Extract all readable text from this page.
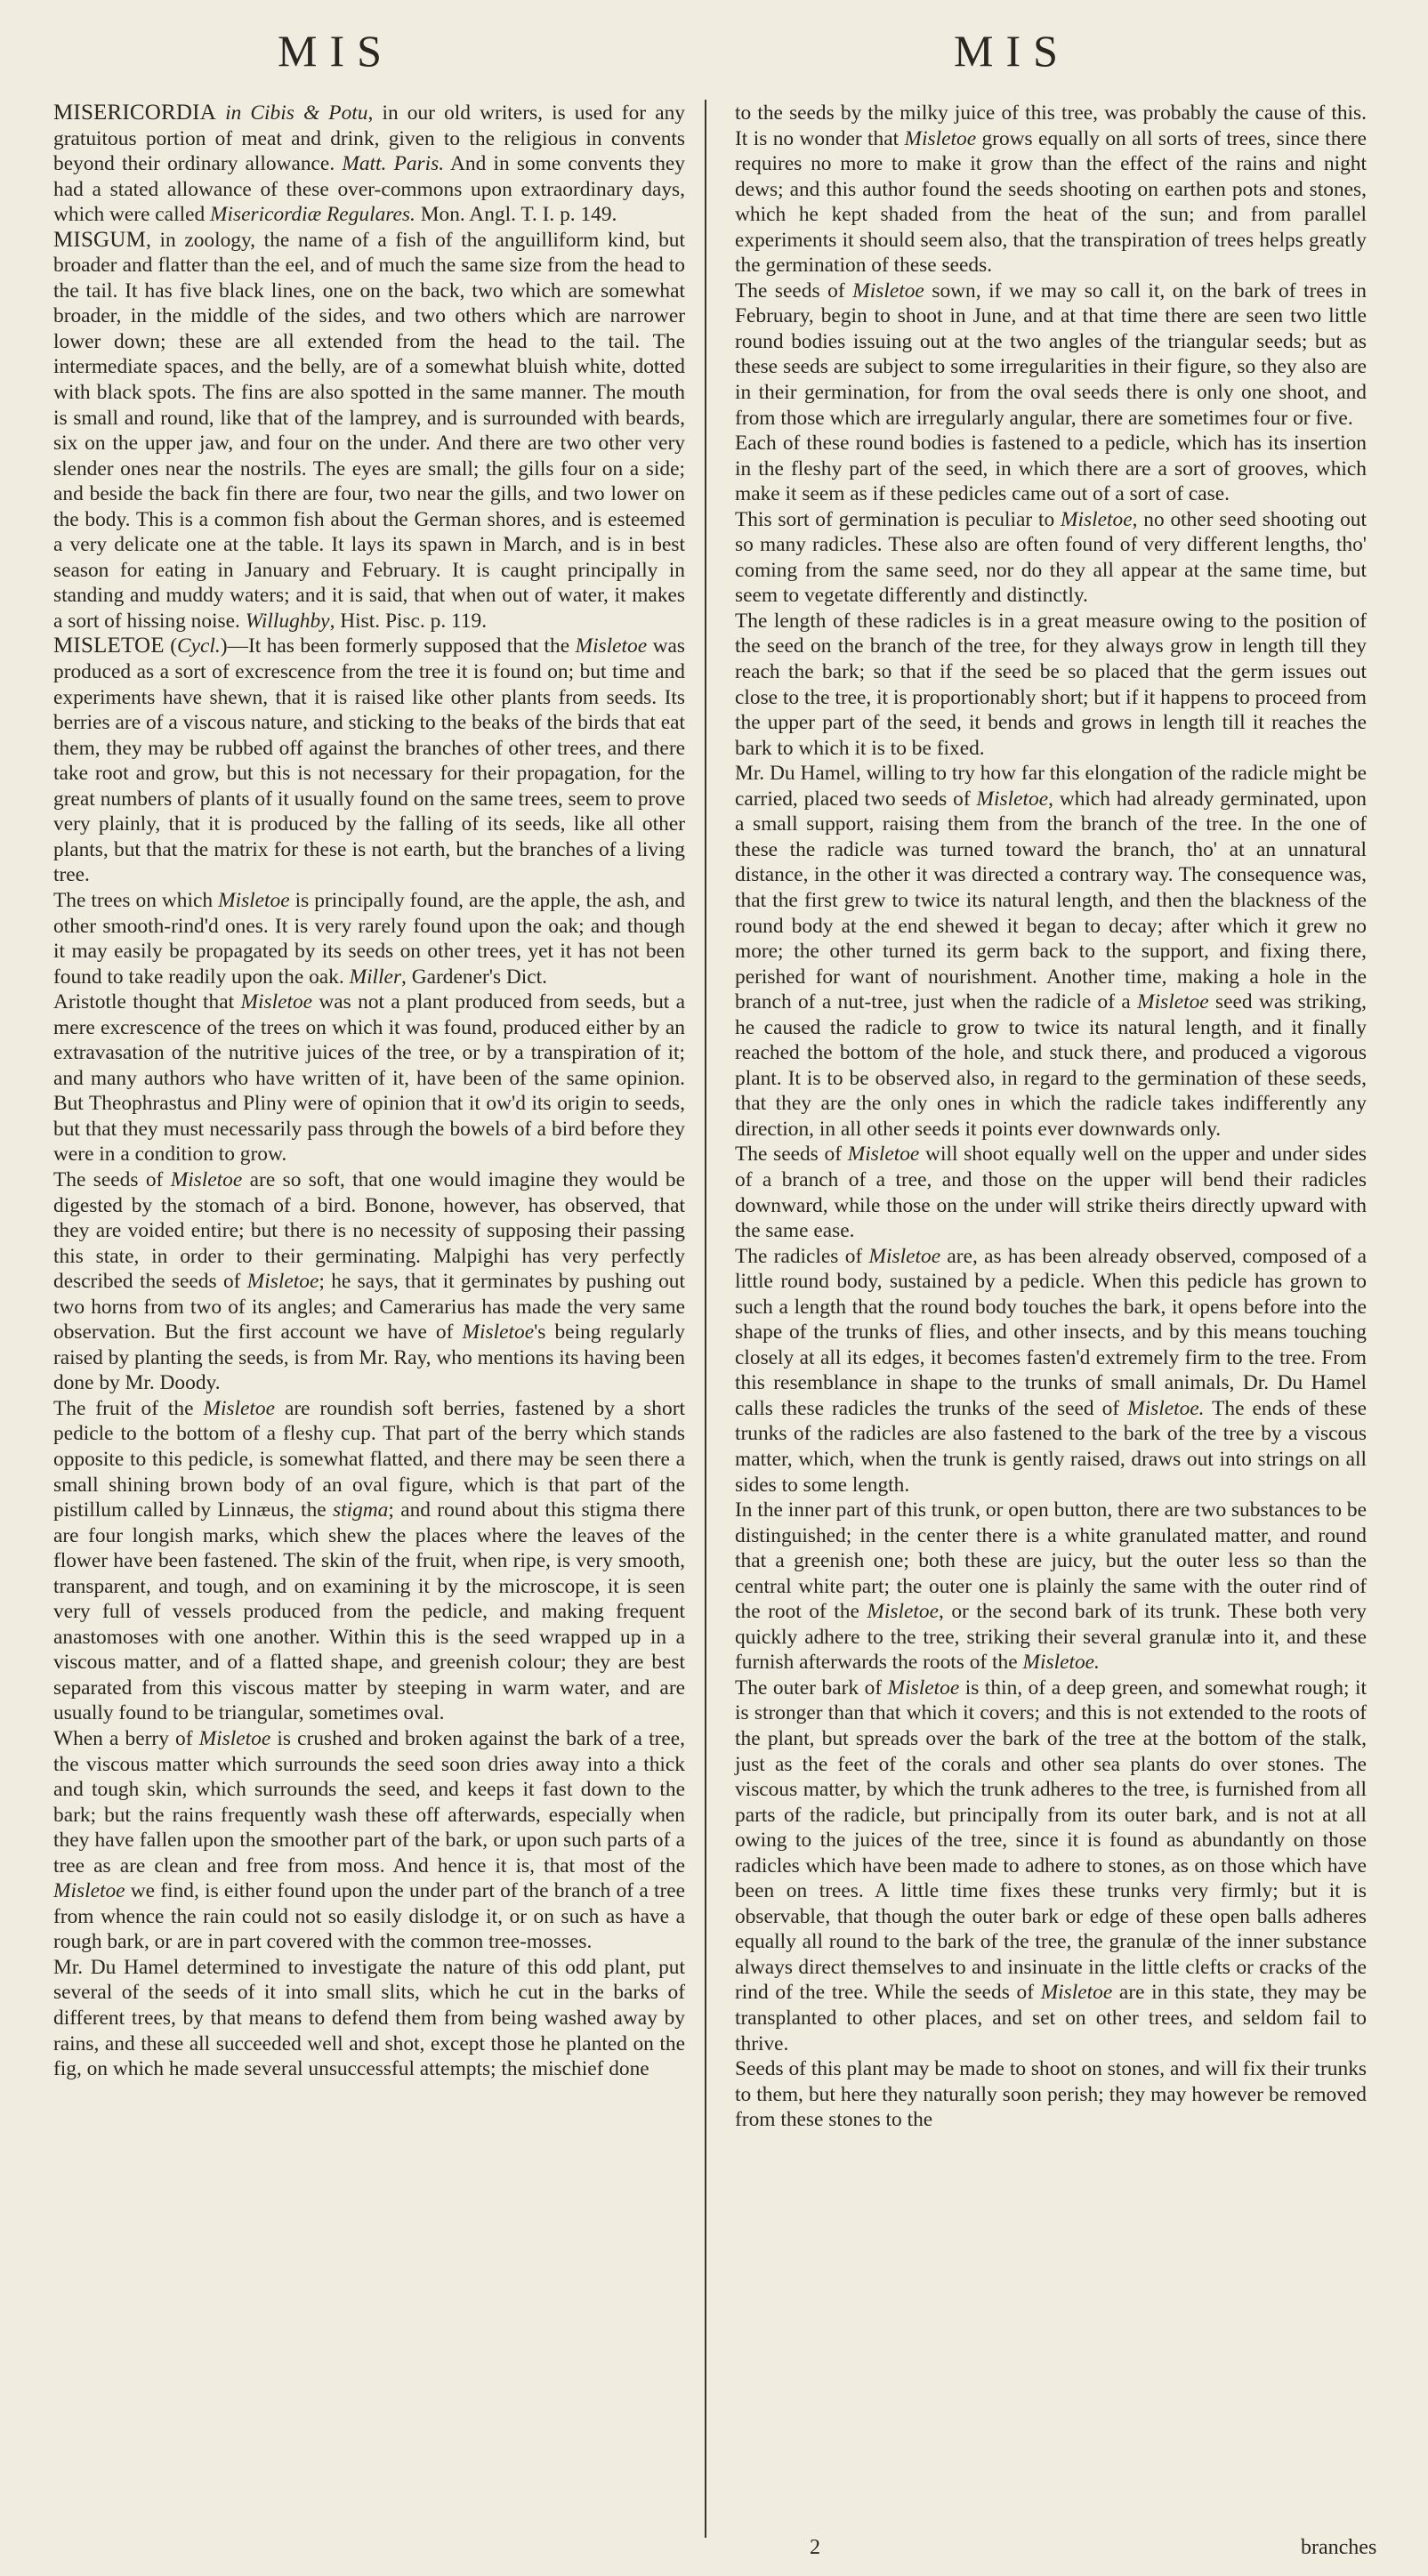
MIS	MIS

MISERICORDIA in Cibis & Potu, in our old writers, is used for any gratuitous portion of meat and drink, given to the religious in convents beyond their ordinary allowance. Matt. Paris. And in some convents they had a stated allowance of these over-commons upon extraordinary days, which were called Misericordiæ Regulares. Mon. Angl. T. I. p. 149.

MISGUM, in zoology, the name of a fish of the anguilliform kind, but broader and flatter than the eel, and of much the same size from the head to the tail. It has five black lines, one on the back, two which are somewhat broader, in the middle of the sides, and two others which are narrower lower down; these are all extended from the head to the tail. The intermediate spaces, and the belly, are of a somewhat bluish white, dotted with black spots. The fins are also spotted in the same manner. The mouth is small and round, like that of the lamprey, and is surrounded with beards, six on the upper jaw, and four on the under. And there are two other very slender ones near the nostrils. The eyes are small; the gills four on a side; and beside the back fin there are four, two near the gills, and two lower on the body. This is a common fish about the German shores, and is esteemed a very delicate one at the table. It lays its spawn in March, and is in best season for eating in January and February. It is caught principally in standing and muddy waters; and it is said, that when out of water, it makes a sort of hissing noise. Willughby, Hist. Pisc. p. 119.

MISLETOE (Cycl.)—It has been formerly supposed that the Misletoe was produced as a sort of excrescence from the tree it is found on; but time and experiments have shewn, that it is raised like other plants from seeds. Its berries are of a viscous nature, and sticking to the beaks of the birds that eat them, they may be rubbed off against the branches of other trees, and there take root and grow, but this is not necessary for their propagation, for the great numbers of plants of it usually found on the same trees, seem to prove very plainly, that it is produced by the falling of its seeds, like all other plants, but that the matrix for these is not earth, but the branches of a living tree.

The trees on which Misletoe is principally found, are the apple, the ash, and other smooth-rind'd ones. It is very rarely found upon the oak; and though it may easily be propagated by its seeds on other trees, yet it has not been found to take readily upon the oak. Miller, Gardener's Dict.

Aristotle thought that Misletoe was not a plant produced from seeds, but a mere excrescence of the trees on which it was found, produced either by an extravasation of the nutritive juices of the tree, or by a transpiration of it; and many authors who have written of it, have been of the same opinion. But Theophrastus and Pliny were of opinion that it ow'd its origin to seeds, but that they must necessarily pass through the bowels of a bird before they were in a condition to grow.

The seeds of Misletoe are so soft, that one would imagine they would be digested by the stomach of a bird. Bonone, however, has observed, that they are voided entire; but there is no necessity of supposing their passing this state, in order to their germinating. Malpighi has very perfectly described the seeds of Misletoe; he says, that it germinates by pushing out two horns from two of its angles; and Camerarius has made the very same observation. But the first account we have of Misletoe's being regularly raised by planting the seeds, is from Mr. Ray, who mentions its having been done by Mr. Doody.

The fruit of the Misletoe are roundish soft berries, fastened by a short pedicle to the bottom of a fleshy cup. That part of the berry which stands opposite to this pedicle, is somewhat flatted, and there may be seen there a small shining brown body of an oval figure, which is that part of the pistillum called by Linnæus, the stigma; and round about this stigma there are four longish marks, which shew the places where the leaves of the flower have been fastened. The skin of the fruit, when ripe, is very smooth, transparent, and tough, and on examining it by the microscope, it is seen very full of vessels produced from the pedicle, and making frequent anastomoses with one another. Within this is the seed wrapped up in a viscous matter, and of a flatted shape, and greenish colour; they are best separated from this viscous matter by steeping in warm water, and are usually found to be triangular, sometimes oval.

When a berry of Misletoe is crushed and broken against the bark of a tree, the viscous matter which surrounds the seed soon dries away into a thick and tough skin, which surrounds the seed, and keeps it fast down to the bark; but the rains frequently wash these off afterwards, especially when they have fallen upon the smoother part of the bark, or upon such parts of a tree as are clean and free from moss. And hence it is, that most of the Misletoe we find, is either found upon the under part of the branch of a tree from whence the rain could not so easily dislodge it, or on such as have a rough bark, or are in part covered with the common tree-mosses.

Mr. Du Hamel determined to investigate the nature of this odd plant, put several of the seeds of it into small slits, which he cut in the barks of different trees, by that means to defend them from being washed away by rains, and these all succeeded well and shot, except those he planted on the fig, on which he made several unsuccessful attempts; the mischief done

to the seeds by the milky juice of this tree, was probably the cause of this. It is no wonder that Misletoe grows equally on all sorts of trees, since there requires no more to make it grow than the effect of the rains and night dews; and this author found the seeds shooting on earthen pots and stones, which he kept shaded from the heat of the sun; and from parallel experiments it should seem also, that the transpiration of trees helps greatly the germination of these seeds.

The seeds of Misletoe sown, if we may so call it, on the bark of trees in February, begin to shoot in June, and at that time there are seen two little round bodies issuing out at the two angles of the triangular seeds; but as these seeds are subject to some irregularities in their figure, so they also are in their germination, for from the oval seeds there is only one shoot, and from those which are irregularly angular, there are sometimes four or five.

Each of these round bodies is fastened to a pedicle, which has its insertion in the fleshy part of the seed, in which there are a sort of grooves, which make it seem as if these pedicles came out of a sort of case.

This sort of germination is peculiar to Misletoe, no other seed shooting out so many radicles. These also are often found of very different lengths, tho' coming from the same seed, nor do they all appear at the same time, but seem to vegetate differently and distinctly.

The length of these radicles is in a great measure owing to the position of the seed on the branch of the tree, for they always grow in length till they reach the bark; so that if the seed be so placed that the germ issues out close to the tree, it is proportionably short; but if it happens to proceed from the upper part of the seed, it bends and grows in length till it reaches the bark to which it is to be fixed.

Mr. Du Hamel, willing to try how far this elongation of the radicle might be carried, placed two seeds of Misletoe, which had already germinated, upon a small support, raising them from the branch of the tree. In the one of these the radicle was turned toward the branch, tho' at an unnatural distance, in the other it was directed a contrary way. The consequence was, that the first grew to twice its natural length, and then the blackness of the round body at the end shewed it began to decay; after which it grew no more; the other turned its germ back to the support, and fixing there, perished for want of nourishment. Another time, making a hole in the branch of a nut-tree, just when the radicle of a Misletoe seed was striking, he caused the radicle to grow to twice its natural length, and it finally reached the bottom of the hole, and stuck there, and produced a vigorous plant. It is to be observed also, in regard to the germination of these seeds, that they are the only ones in which the radicle takes indifferently any direction, in all other seeds it points ever downwards only.

The seeds of Misletoe will shoot equally well on the upper and under sides of a branch of a tree, and those on the upper will bend their radicles downward, while those on the under will strike theirs directly upward with the same ease.

The radicles of Misletoe are, as has been already observed, composed of a little round body, sustained by a pedicle. When this pedicle has grown to such a length that the round body touches the bark, it opens before into the shape of the trunks of flies, and other insects, and by this means touching closely at all its edges, it becomes fasten'd extremely firm to the tree. From this resemblance in shape to the trunks of small animals, Dr. Du Hamel calls these radicles the trunks of the seed of Misletoe. The ends of these trunks of the radicles are also fastened to the bark of the tree by a viscous matter, which, when the trunk is gently raised, draws out into strings on all sides to some length.

In the inner part of this trunk, or open button, there are two substances to be distinguished; in the center there is a white granulated matter, and round that a greenish one; both these are juicy, but the outer less so than the central white part; the outer one is plainly the same with the outer rind of the root of the Misletoe, or the second bark of its trunk. These both very quickly adhere to the tree, striking their several granulæ into it, and these furnish afterwards the roots of the Misletoe.

The outer bark of Misletoe is thin, of a deep green, and somewhat rough; it is stronger than that which it covers; and this is not extended to the roots of the plant, but spreads over the bark of the tree at the bottom of the stalk, just as the feet of the corals and other sea plants do over stones. The viscous matter, by which the trunk adheres to the tree, is furnished from all parts of the radicle, but principally from its outer bark, and is not at all owing to the juices of the tree, since it is found as abundantly on those radicles which have been made to adhere to stones, as on those which have been on trees. A little time fixes these trunks very firmly; but it is observable, that though the outer bark or edge of these open balls adheres equally all round to the bark of the tree, the granulæ of the inner substance always direct themselves to and insinuate in the little clefts or cracks of the rind of the tree. While the seeds of Misletoe are in this state, they may be transplanted to other places, and set on other trees, and seldom fail to thrive.

Seeds of this plant may be made to shoot on stones, and will fix their trunks to them, but here they naturally soon perish; they may however be removed from these stones to the

2	branches
